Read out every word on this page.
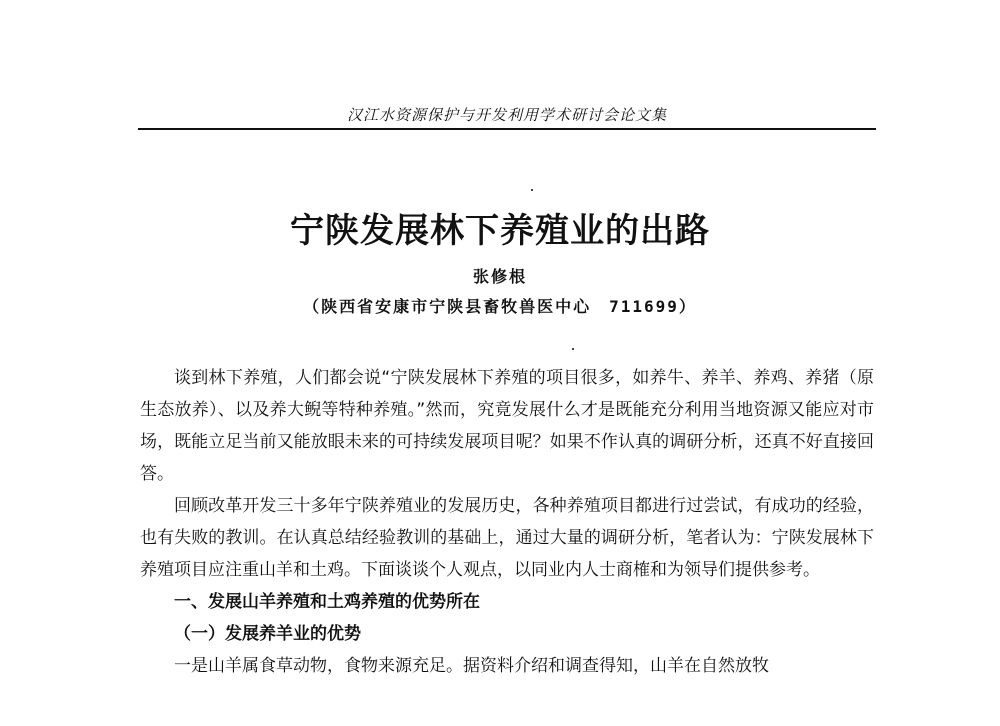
汉江水资源保护与开发利用学术研讨会论文集
宁陕发展林下养殖业的出路
张修根
（陕西省安康市宁陕县畜牧兽医中心　711699）

谈到林下养殖，人们都会说“宁陕发展林下养殖的项目很多，如养牛、养羊、养鸡、养猪（原生态放养）、以及养大鲵等特种养殖。”然而，究竟发展什么才是既能充分利用当地资源又能应对市场，既能立足当前又能放眼未来的可持续发展项目呢？如果不作认真的调研分析，还真不好直接回答。

回顾改革开发三十多年宁陕养殖业的发展历史，各种养殖项目都进行过尝试，有成功的经验，也有失败的教训。在认真总结经验教训的基础上，通过大量的调研分析，笔者认为：宁陕发展林下养殖项目应注重山羊和土鸡。下面谈谈个人观点，以同业内人士商榷和为领导们提供参考。

一、发展山羊养殖和土鸡养殖的优势所在
（一）发展养羊业的优势

一是山羊属食草动物，食物来源充足。据资料介绍和调查得知，山羊在自然放牧
